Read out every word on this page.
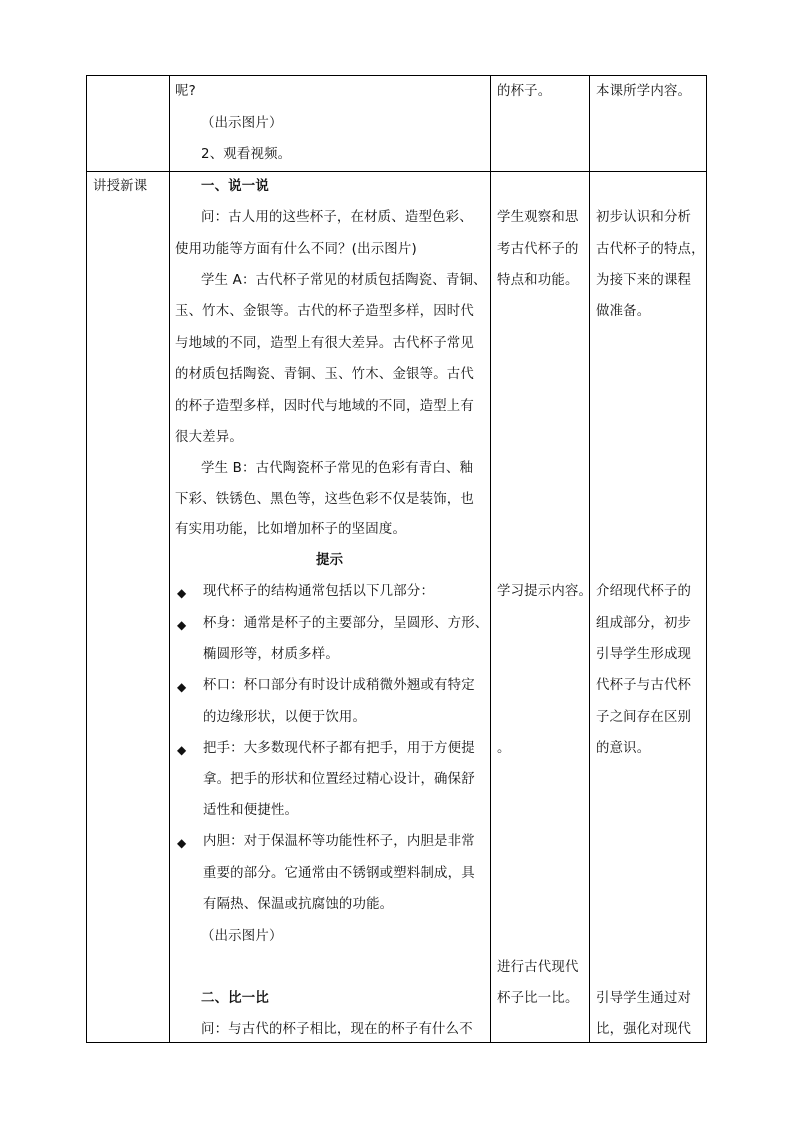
呢?
（出示图片）
2、观看视频。
的杯子。	本课所学内容。
讲授新课	一、说一说
问：古人用的这些杯子，在材质、造型色彩、
使用功能等方面有什么不同？(出示图片)
学生 A：古代杯子常见的材质包括陶瓷、青铜、
玉、竹木、金银等。古代的杯子造型多样，因时代
与地域的不同，造型上有很大差异。古代杯子常见
的材质包括陶瓷、青铜、玉、竹木、金银等。古代
的杯子造型多样，因时代与地域的不同，造型上有
很大差异。
学生 B：古代陶瓷杯子常见的色彩有青白、釉
下彩、铁锈色、黑色等，这些色彩不仅是装饰，也
有实用功能，比如增加杯子的坚固度。
提示
◆ 现代杯子的结构通常包括以下几部分：
◆ 杯身：通常是杯子的主要部分，呈圆形、方形、
椭圆形等，材质多样。
◆ 杯口：杯口部分有时设计成稍微外翘或有特定
的边缘形状，以便于饮用。
◆ 把手：大多数现代杯子都有把手，用于方便提
拿。把手的形状和位置经过精心设计，确保舒
适性和便捷性。
◆ 内胆：对于保温杯等功能性杯子，内胆是非常
重要的部分。它通常由不锈钢或塑料制成，具
有隔热、保温或抗腐蚀的功能。
（出示图片）
二、比一比
问：与古代的杯子相比，现在的杯子有什么不
学生观察和思
考古代杯子的
特点和功能。
学习提示内容。
。
进行古代现代
杯子比一比。
初步认识和分析
古代杯子的特点，
为接下来的课程
做准备。
介绍现代杯子的
组成部分，初步
引导学生形成现
代杯子与古代杯
子之间存在区别
的意识。
引导学生通过对
比，强化对现代
